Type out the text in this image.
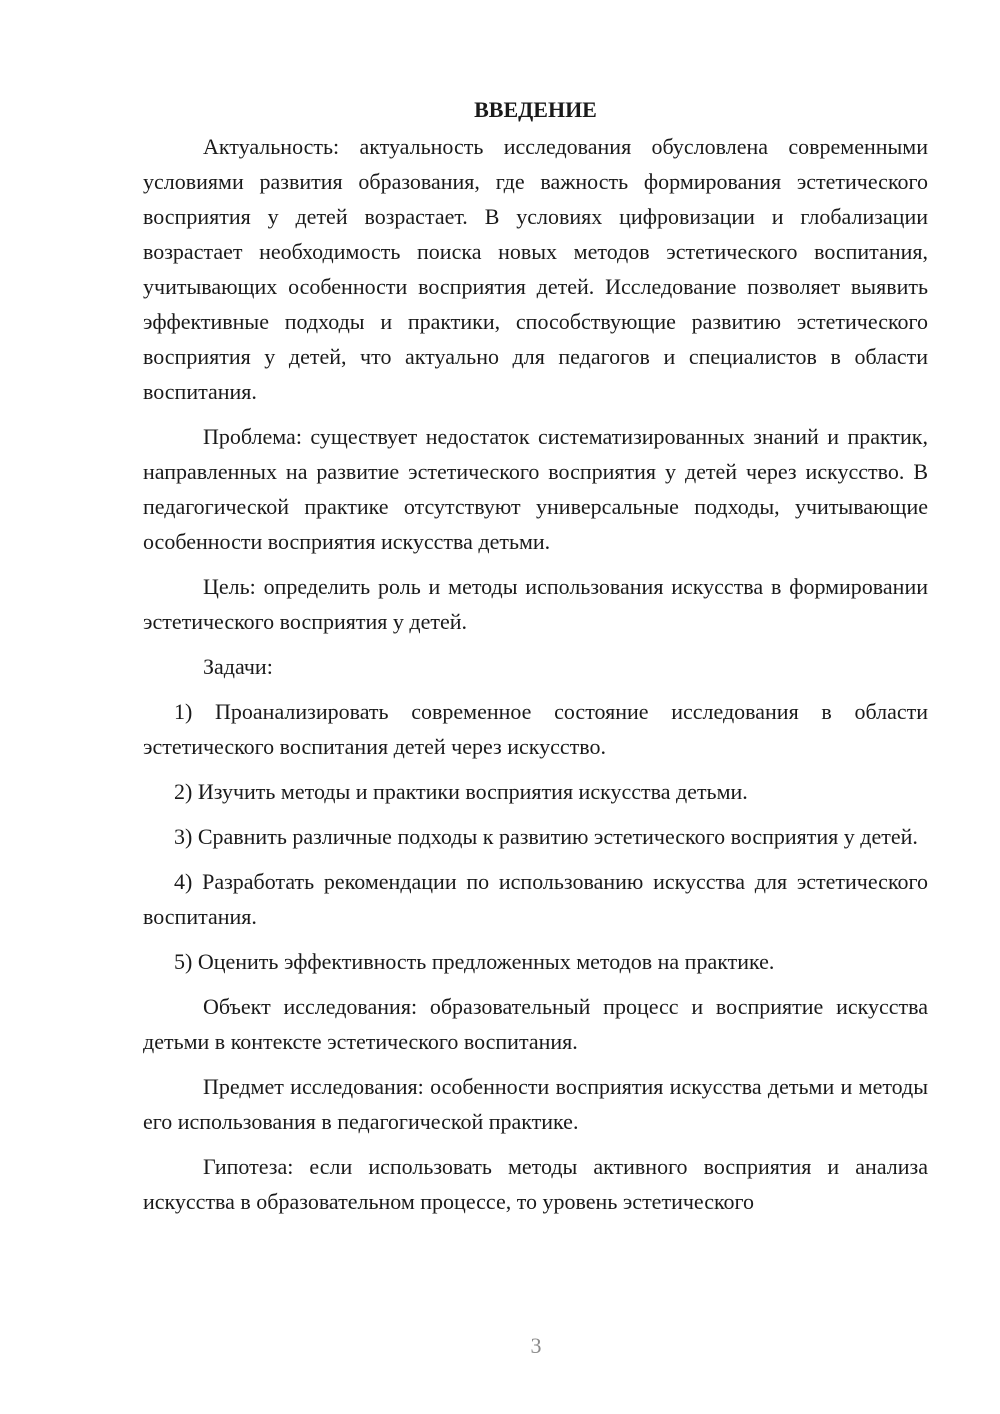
ВВЕДЕНИЕ

Актуальность: актуальность исследования обусловлена современными условиями развития образования, где важность формирования эстетического восприятия у детей возрастает. В условиях цифровизации и глобализации возрастает необходимость поиска новых методов эстетического воспитания, учитывающих особенности восприятия детей. Исследование позволяет выявить эффективные подходы и практики, способствующие развитию эстетического восприятия у детей, что актуально для педагогов и специалистов в области воспитания.

Проблема: существует недостаток систематизированных знаний и практик, направленных на развитие эстетического восприятия у детей через искусство. В педагогической практике отсутствуют универсальные подходы, учитывающие особенности восприятия искусства детьми.

Цель: определить роль и методы использования искусства в формировании эстетического восприятия у детей.

Задачи:

1) Проанализировать современное состояние исследования в области эстетического воспитания детей через искусство.

2) Изучить методы и практики восприятия искусства детьми.

3) Сравнить различные подходы к развитию эстетического восприятия у детей.

4) Разработать рекомендации по использованию искусства для эстетического воспитания.

5) Оценить эффективность предложенных методов на практике.

Объект исследования: образовательный процесс и восприятие искусства детьми в контексте эстетического воспитания.

Предмет исследования: особенности восприятия искусства детьми и методы его использования в педагогической практике.

Гипотеза: если использовать методы активного восприятия и анализа искусства в образовательном процессе, то уровень эстетического

3
